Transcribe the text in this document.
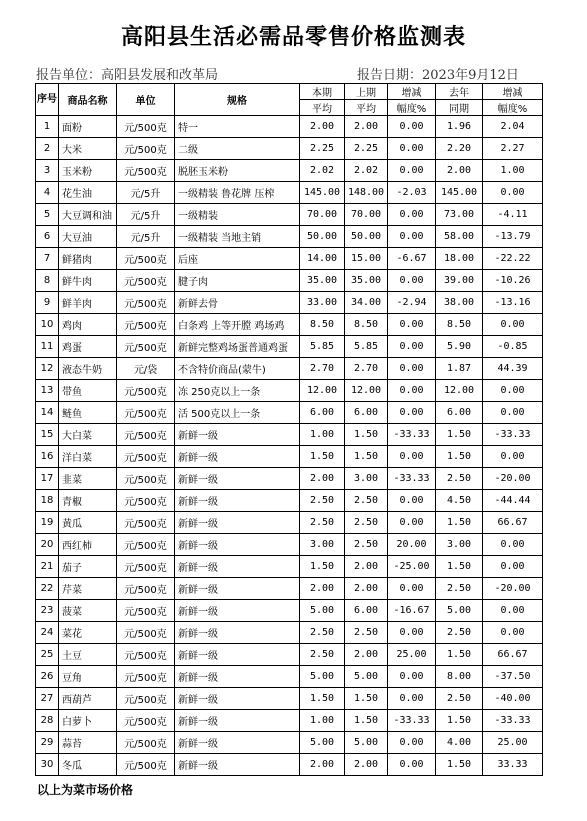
高阳县生活必需品零售价格监测表
报告单位：高阳县发展和改革局	报告日期：2023年9月12日
序号	商品名称	单位	规格	本期	上期	增减	去年	增减
				平均	平均	幅度%	同期	幅度%
1	面粉	元/500克	特一	2.00	2.00	0.00	1.96	2.04
2	大米	元/500克	二级	2.25	2.25	0.00	2.20	2.27
3	玉米粉	元/500克	脱胚玉米粉	2.02	2.02	0.00	2.00	1.00
4	花生油	元/5升	一级精装 鲁花牌 压榨	145.00	148.00	-2.03	145.00	0.00
5	大豆调和油	元/5升	一级精装	70.00	70.00	0.00	73.00	-4.11
6	大豆油	元/5升	一级精装 当地主销	50.00	50.00	0.00	58.00	-13.79
7	鲜猪肉	元/500克	后座	14.00	15.00	-6.67	18.00	-22.22
8	鲜牛肉	元/500克	腱子肉	35.00	35.00	0.00	39.00	-10.26
9	鲜羊肉	元/500克	新鲜去骨	33.00	34.00	-2.94	38.00	-13.16
10	鸡肉	元/500克	白条鸡 上等开膛 鸡场鸡	8.50	8.50	0.00	8.50	0.00
11	鸡蛋	元/500克	新鲜完整鸡场蛋普通鸡蛋	5.85	5.85	0.00	5.90	-0.85
12	液态牛奶	元/袋	不含特价商品(蒙牛)	2.70	2.70	0.00	1.87	44.39
13	带鱼	元/500克	冻 250克以上一条	12.00	12.00	0.00	12.00	0.00
14	鲢鱼	元/500克	活 500克以上一条	6.00	6.00	0.00	6.00	0.00
15	大白菜	元/500克	新鲜一级	1.00	1.50	-33.33	1.50	-33.33
16	洋白菜	元/500克	新鲜一级	1.50	1.50	0.00	1.50	0.00
17	韭菜	元/500克	新鲜一级	2.00	3.00	-33.33	2.50	-20.00
18	青椒	元/500克	新鲜一级	2.50	2.50	0.00	4.50	-44.44
19	黄瓜	元/500克	新鲜一级	2.50	2.50	0.00	1.50	66.67
20	西红柿	元/500克	新鲜一级	3.00	2.50	20.00	3.00	0.00
21	茄子	元/500克	新鲜一级	1.50	2.00	-25.00	1.50	0.00
22	芹菜	元/500克	新鲜一级	2.00	2.00	0.00	2.50	-20.00
23	菠菜	元/500克	新鲜一级	5.00	6.00	-16.67	5.00	0.00
24	菜花	元/500克	新鲜一级	2.50	2.50	0.00	2.50	0.00
25	土豆	元/500克	新鲜一级	2.50	2.00	25.00	1.50	66.67
26	豆角	元/500克	新鲜一级	5.00	5.00	0.00	8.00	-37.50
27	西葫芦	元/500克	新鲜一级	1.50	1.50	0.00	2.50	-40.00
28	白萝卜	元/500克	新鲜一级	1.00	1.50	-33.33	1.50	-33.33
29	蒜苔	元/500克	新鲜一级	5.00	5.00	0.00	4.00	25.00
30	冬瓜	元/500克	新鲜一级	2.00	2.00	0.00	1.50	33.33
以上为菜市场价格
